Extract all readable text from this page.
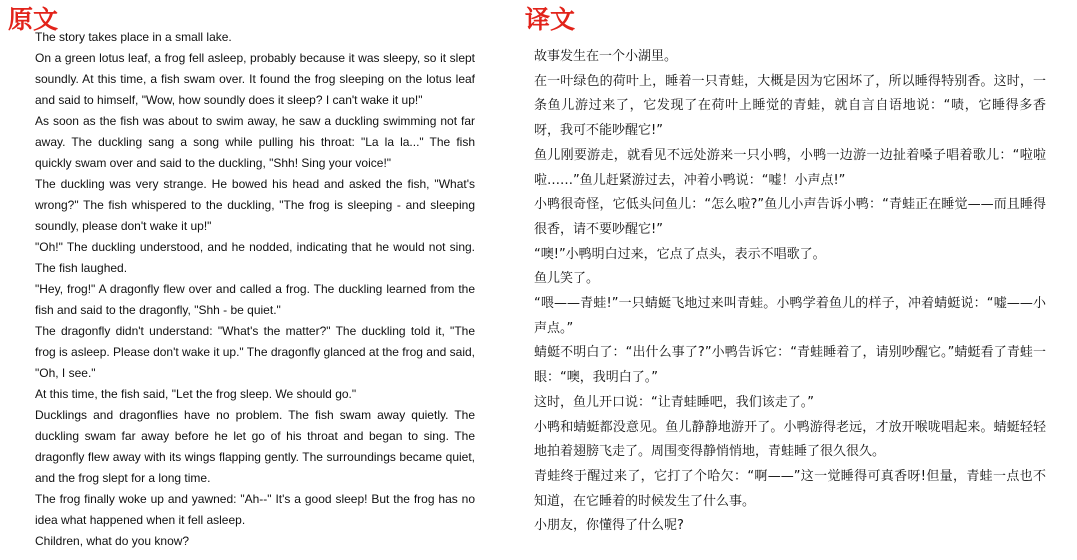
原文	译文

The story takes place in a small lake.

On a green lotus leaf, a frog fell asleep, probably because it was sleepy, so it slept soundly. At this time, a fish swam over. It found the frog sleeping on the lotus leaf and said to himself, "Wow, how soundly does it sleep? I can't wake it up!"

As soon as the fish was about to swim away, he saw a duckling swimming not far away. The duckling sang a song while pulling his throat: "La la la..." The fish quickly swam over and said to the duckling, "Shh! Sing your voice!"

The duckling was very strange. He bowed his head and asked the fish, "What's wrong?" The fish whispered to the duckling, "The frog is sleeping - and sleeping soundly, please don't wake it up!"

"Oh!" The duckling understood, and he nodded, indicating that he would not sing. The fish laughed.

"Hey, frog!" A dragonfly flew over and called a frog. The duckling learned from the fish and said to the dragonfly, "Shh - be quiet."

The dragonfly didn't understand: "What's the matter?" The duckling told it, "The frog is asleep. Please don't wake it up." The dragonfly glanced at the frog and said, "Oh, I see."

At this time, the fish said, "Let the frog sleep. We should go."

Ducklings and dragonflies have no problem. The fish swam away quietly. The duckling swam far away before he let go of his throat and began to sing. The dragonfly flew away with its wings flapping gently. The surroundings became quiet, and the frog slept for a long time.

The frog finally woke up and yawned: "Ah--" It's a good sleep! But the frog has no idea what happened when it fell asleep.

Children, what do you know?

故事发生在一个小湖里。

在一叶绿色的荷叶上，睡着一只青蛙，大概是因为它困坏了，所以睡得特别香。这时，一条鱼儿游过来了，它发现了在荷叶上睡觉的青蛙，就自言自语地说：“啧，它睡得多香呀，我可不能吵醒它!”

鱼儿刚要游走，就看见不远处游来一只小鸭，小鸭一边游一边扯着嗓子唱着歌儿：“啦啦啦……”鱼儿赶紧游过去，冲着小鸭说：“嘘！小声点!”

小鸭很奇怪，它低头问鱼儿：“怎么啦?”鱼儿小声告诉小鸭：“青蛙正在睡觉——而且睡得很香，请不要吵醒它!”

“噢!”小鸭明白过来，它点了点头，表示不唱歌了。

鱼儿笑了。

“喂——青蛙!”一只蜻蜓飞地过来叫青蛙。小鸭学着鱼儿的样子，冲着蜻蜓说：“嘘——小声点。”

蜻蜓不明白了：“出什么事了?”小鸭告诉它：“青蛙睡着了，请别吵醒它。”蜻蜓看了青蛙一眼：“噢，我明白了。”

这时，鱼儿开口说：“让青蛙睡吧，我们该走了。”

小鸭和蜻蜓都没意见。鱼儿静静地游开了。小鸭游得老远，才放开喉咙唱起来。蜻蜓轻轻地拍着翅膀飞走了。周围变得静悄悄地，青蛙睡了很久很久。

青蛙终于醒过来了，它打了个哈欠：“啊——”这一觉睡得可真香呀!但量，青蛙一点也不知道，在它睡着的时候发生了什么事。

小朋友，你懂得了什么呢?
